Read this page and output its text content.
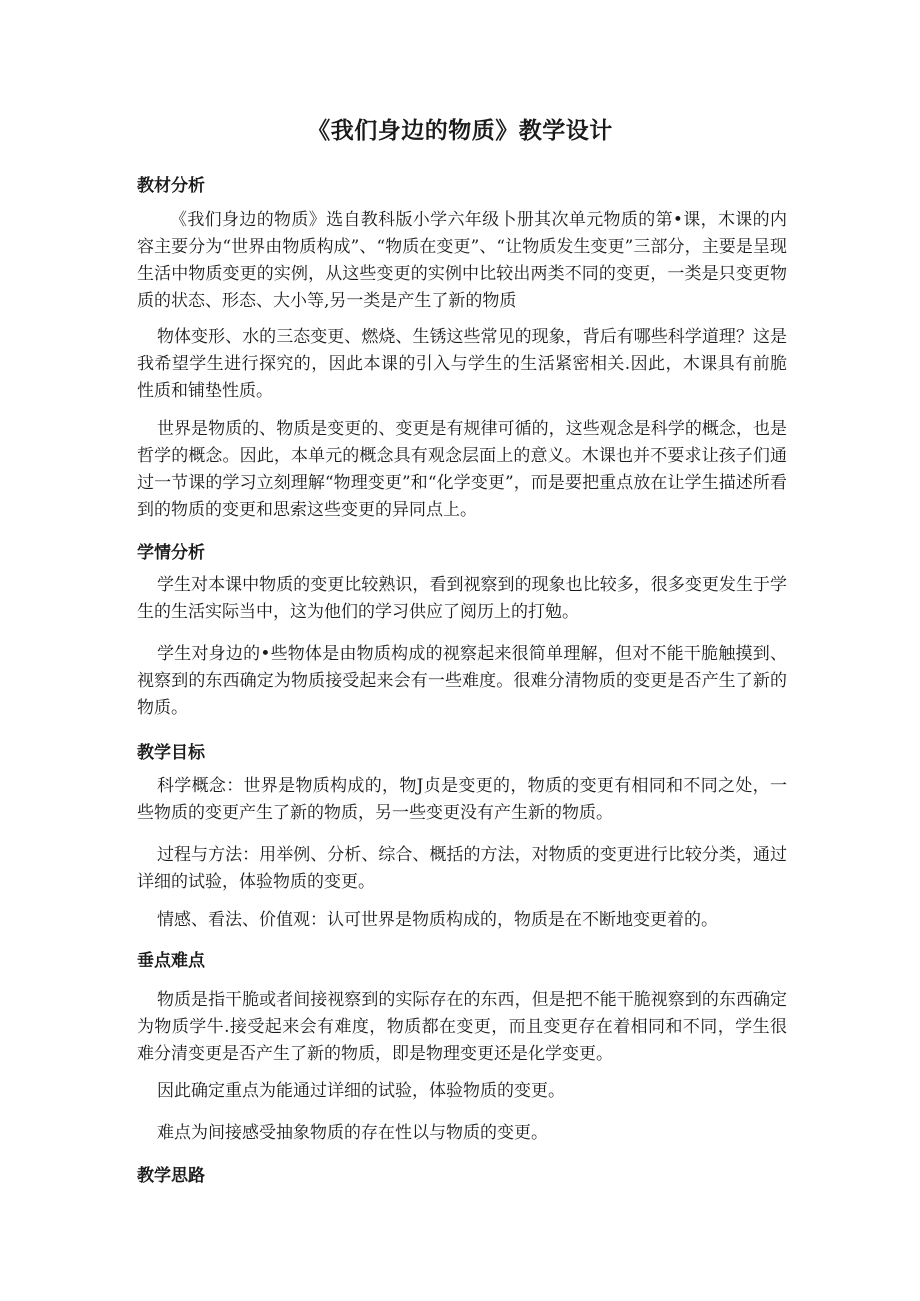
《我们身边的物质》教学设计
教材分析

《我们身边的物质》选自教科版小学六年级卜册其次单元物质的第•课，木课的内容主要分为“世界由物质构成”、“物质在变更”、“让物质发生变更”三部分，主要是呈现生活中物质变更的实例，从这些变更的实例中比较出两类不同的变更，一类是只变更物质的状态、形态、大小等,另一类是产生了新的物质

物体变形、水的三态变更、燃烧、生锈这些常见的现象，背后有哪些科学道理？这是我希望学生进行探究的，因此本课的引入与学生的生活紧密相关.因此，木课具有前脆性质和铺垫性质。

世界是物质的、物质是变更的、变更是有规律可循的，这些观念是科学的概念，也是哲学的概念。因此，本单元的概念具有观念层面上的意义。木课也并不要求让孩子们通过一节课的学习立刻理解“物理变更”和“化学变更”，而是要把重点放在让学生描述所看到的物质的变更和思索这些变更的异同点上。

学情分析

学生对本课中物质的变更比较熟识，看到视察到的现象也比较多，很多变更发生于学生的生活实际当中，这为他们的学习供应了阅历上的打勉。

学生对身边的•些物体是由物质构成的视察起来很简单理解，但对不能干脆触摸到、视察到的东西确定为物质接受起来会有一些难度。很难分清物质的变更是否产生了新的物质。

教学目标

科学概念：世界是物质构成的，物J贞是变更的，物质的变更有相同和不同之处，一些物质的变更产生了新的物质，另一些变更没有产生新的物质。

过程与方法：用举例、分析、综合、概括的方法，对物质的变更进行比较分类，通过详细的试验，体验物质的变更。

情感、看法、价值观：认可世界是物质构成的，物质是在不断地变更着的。

垂点难点

物质是指干脆或者间接视察到的实际存在的东西，但是把不能干脆视察到的东西确定为物质学牛.接受起来会有难度，物质都在变更，而且变更存在着相同和不同，学生很难分清变更是否产生了新的物质，即是物理变更还是化学变更。

因此确定重点为能通过详细的试验，体验物质的变更。

难点为间接感受抽象物质的存在性以与物质的变更。

教学思路
